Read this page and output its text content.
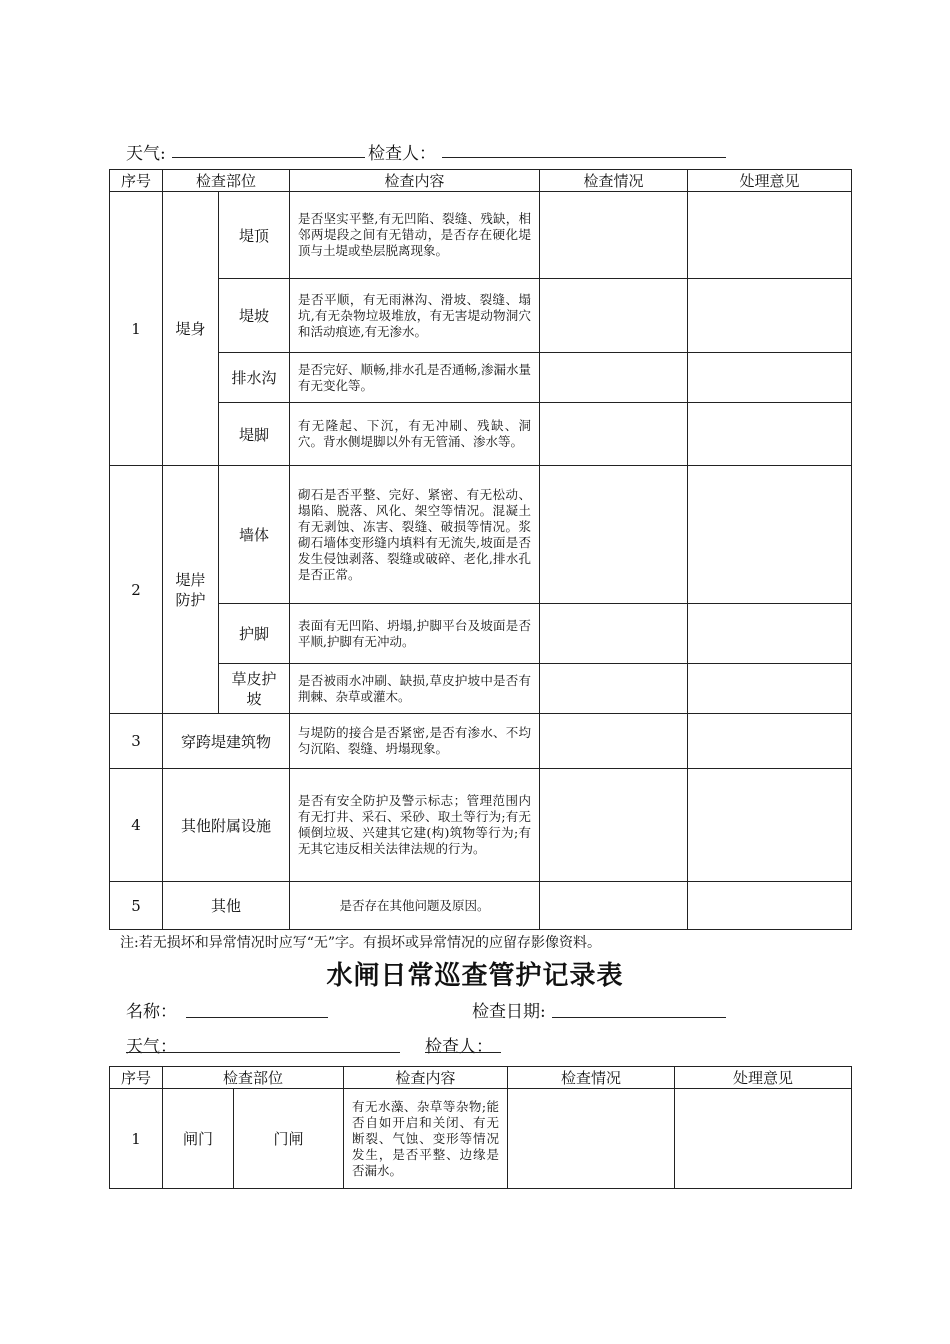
天气:	检查人：
序号	检查部位		检查内容	检查情况	处理意见
1	堤身	堤顶	是否坚实平整,有无凹陷、裂缝、残缺，相邻两堤段之间有无错动，是否存在硬化堤顶与土堤或垫层脱离现象。		
		堤坡	是否平顺，有无雨淋沟、滑坡、裂缝、塌坑,有无杂物垃圾堆放，有无害堤动物洞穴和活动痕迹,有无渗水。		
		排水沟	是否完好、顺畅,排水孔是否通畅,渗漏水量有无变化等。		
		堤脚	有无隆起、下沉，有无冲刷、残缺、洞穴。背水侧堤脚以外有无管涌、渗水等。		
2	堤岸防护	墙体	砌石是否平整、完好、紧密、有无松动、塌陷、脱落、风化、架空等情况。混凝土有无剥蚀、冻害、裂缝、破损等情况。浆砌石墙体变形缝内填料有无流失,坡面是否发生侵蚀剥落、裂缝或破碎、老化,排水孔是否正常。		
		护脚	表面有无凹陷、坍塌,护脚平台及坡面是否平顺,护脚有无冲动。		
		草皮护坡	是否被雨水冲刷、缺损,草皮护坡中是否有荆棘、杂草或灌木。		
3	穿跨堤建筑物		与堤防的接合是否紧密,是否有渗水、不均匀沉陷、裂缝、坍塌现象。		
4	其他附属设施		是否有安全防护及警示标志；管理范围内有无打井、采石、采砂、取土等行为;有无倾倒垃圾、兴建其它建(构)筑物等行为;有无其它违反相关法律法规的行为。		
5	其他		是否存在其他问题及原因。		
注:若无损坏和异常情况时应写“无”字。有损坏或异常情况的应留存影像资料。
水闸日常巡查管护记录表
名称：	检查日期:
天气：	检查人：
序号	检查部位		检查内容	检查情况	处理意见
1	闸门	门闸	有无水藻、杂草等杂物;能否自如开启和关闭、有无断裂、气蚀、变形等情况发生，是否平整、边缘是否漏水。		
